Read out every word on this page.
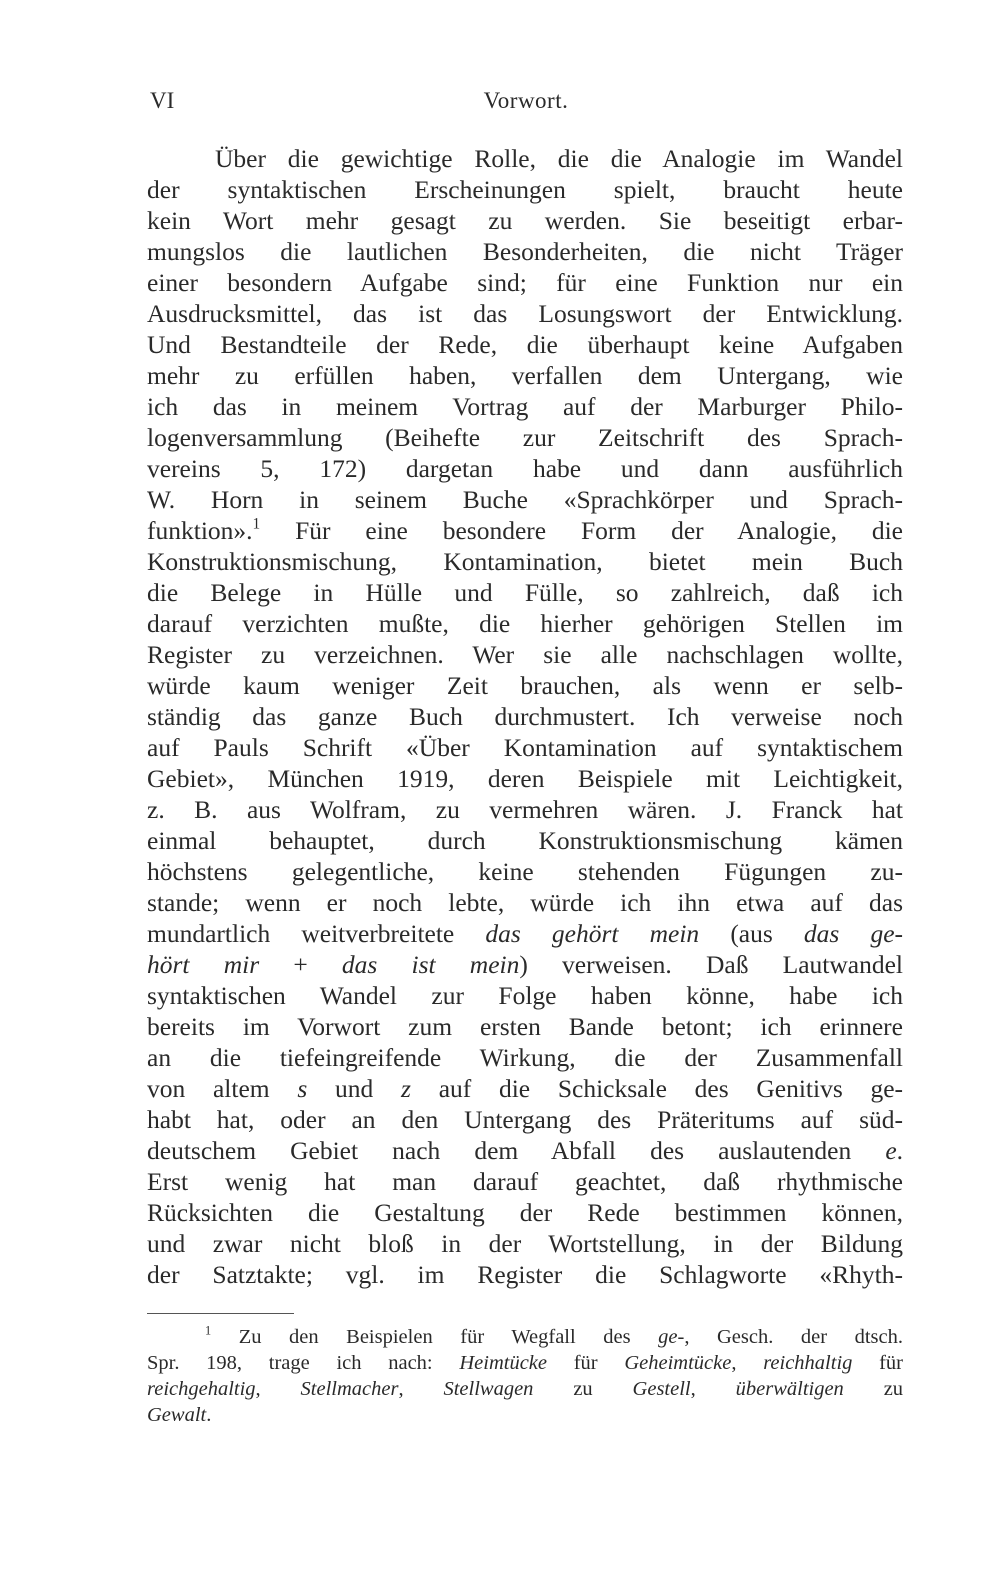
VI	Vorwort.
Über die gewichtige Rolle, die die Analogie im Wandel
der syntaktischen Erscheinungen spielt, braucht heute
kein Wort mehr gesagt zu werden. Sie beseitigt erbar-
mungslos die lautlichen Besonderheiten, die nicht Träger
einer besondern Aufgabe sind; für eine Funktion nur ein
Ausdrucksmittel, das ist das Losungswort der Entwicklung.
Und Bestandteile der Rede, die überhaupt keine Aufgaben
mehr zu erfüllen haben, verfallen dem Untergang, wie
ich das in meinem Vortrag auf der Marburger Philo-
logenversammlung (Beihefte zur Zeitschrift des Sprach-
vereins 5, 172) dargetan habe und dann ausführlich
W. Horn in seinem Buche «Sprachkörper und Sprach-
funktion».$^1$ Für eine besondere Form der Analogie, die
Konstruktionsmischung, Kontamination, bietet mein Buch
die Belege in Hülle und Fülle, so zahlreich, daß ich
darauf verzichten mußte, die hierher gehörigen Stellen im
Register zu verzeichnen. Wer sie alle nachschlagen wollte,
würde kaum weniger Zeit brauchen, als wenn er selb-
ständig das ganze Buch durchmustert. Ich verweise noch
auf Pauls Schrift «Über Kontamination auf syntaktischem
Gebiet», München 1919, deren Beispiele mit Leichtigkeit,
z. B. aus Wolfram, zu vermehren wären. J. Franck hat
einmal behauptet, durch Konstruktionsmischung kämen
höchstens gelegentliche, keine stehenden Fügungen zu-
stande; wenn er noch lebte, würde ich ihn etwa auf das
mundartlich weitverbreitete das gehört mein (aus das ge-
hört mir + das ist mein) verweisen. Daß Lautwandel
syntaktischen Wandel zur Folge haben könne, habe ich
bereits im Vorwort zum ersten Bande betont; ich erinnere
an die tiefeingreifende Wirkung, die der Zusammenfall
von altem s und z auf die Schicksale des Genitivs ge-
habt hat, oder an den Untergang des Präteritums auf süd-
deutschem Gebiet nach dem Abfall des auslautenden e.
Erst wenig hat man darauf geachtet, daß rhythmische
Rücksichten die Gestaltung der Rede bestimmen können,
und zwar nicht bloß in der Wortstellung, in der Bildung
der Satztakte; vgl. im Register die Schlagworte «Rhyth-
$^1$ Zu den Beispielen für Wegfall des ge-, Gesch. der dtsch.
Spr. 198, trage ich nach: Heimtücke für Geheimtücke, reichhaltig für
reichgehaltig, Stellmacher, Stellwagen zu Gestell, überwältigen zu
Gewalt.
